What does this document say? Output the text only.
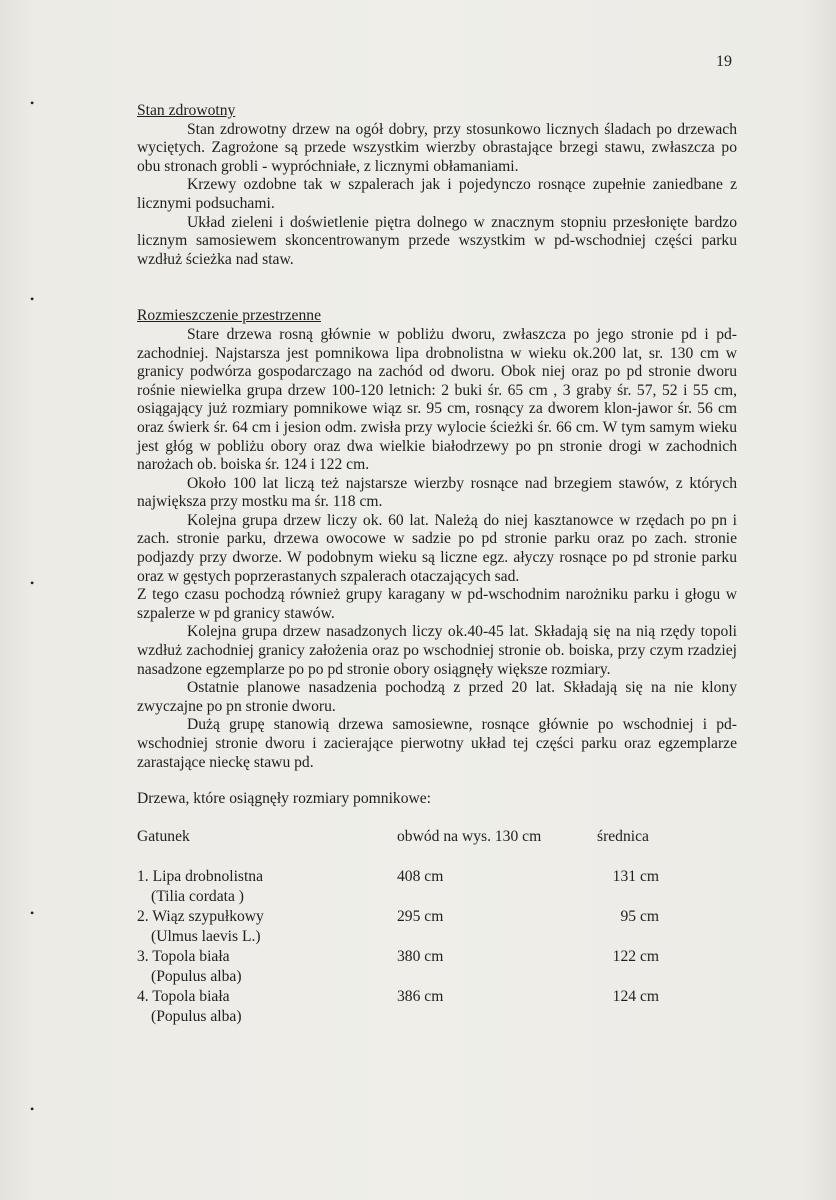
•
•
•
•
•
19
Stan zdrowotny

Stan zdrowotny drzew na ogół dobry, przy stosunkowo licznych śladach po drzewach wyciętych. Zagrożone są przede wszystkim wierzby obrastające brzegi stawu, zwłaszcza po obu stronach grobli - wypróchniałe, z licznymi obłamaniami.

Krzewy ozdobne tak w szpalerach jak i pojedynczo rosnące zupełnie zaniedbane z licznymi podsuchami.

Układ zieleni i doświetlenie piętra dolnego w znacznym stopniu przesłonięte bardzo licznym samosiewem skoncentrowanym przede wszystkim w pd-wschodniej części parku wzdłuż ścieżka nad staw.

Rozmieszczenie przestrzenne

Stare drzewa rosną głównie w pobliżu dworu, zwłaszcza po jego stronie pd i pd-zachodniej. Najstarsza jest pomnikowa lipa drobnolistna w wieku ok.200 lat, sr. 130 cm w granicy podwórza gospodarczago na zachód od dworu. Obok niej oraz po pd stronie dworu rośnie niewielka grupa drzew 100-120 letnich: 2 buki śr. 65 cm , 3 graby śr. 57, 52 i 55 cm, osiągający już rozmiary pomnikowe wiąz sr. 95 cm, rosnący za dworem klon-jawor śr. 56 cm oraz świerk śr. 64 cm i jesion odm. zwisła przy wylocie ścieżki śr. 66 cm. W tym samym wieku jest głóg w pobliżu obory oraz dwa wielkie białodrzewy po pn stronie drogi w zachodnich narożach ob. boiska śr. 124 i 122 cm.

Około 100 lat liczą też najstarsze wierzby rosnące nad brzegiem stawów, z których największa przy mostku ma śr. 118 cm.

Kolejna grupa drzew liczy ok. 60 lat. Należą do niej kasztanowce w rzędach po pn i zach. stronie parku, drzewa owocowe w sadzie po pd stronie parku oraz po zach. stronie podjazdy przy dworze. W podobnym wieku są liczne egz. ałyczy rosnące po pd stronie parku oraz w gęstych poprzerastanych szpalerach otaczających sad.

Z tego czasu pochodzą również grupy karagany w pd-wschodnim narożniku parku i głogu w szpalerze w pd granicy stawów.

Kolejna grupa drzew nasadzonych liczy ok.40-45 lat. Składają się na nią rzędy topoli wzdłuż zachodniej granicy założenia oraz po wschodniej stronie ob. boiska, przy czym rzadziej nasadzone egzemplarze po po pd stronie obory osiągnęły większe rozmiary.

Ostatnie planowe nasadzenia pochodzą z przed 20 lat. Składają się na nie klony zwyczajne po pn stronie dworu.

Dużą grupę stanowią drzewa samosiewne, rosnące głównie po wschodniej i pd-wschodniej stronie dworu i zacierające pierwotny układ tej części parku oraz egzemplarze zarastające nieckę stawu pd.

Drzewa, które osiągnęły rozmiary pomnikowe:
Gatunek	obwód na wys. 130 cm	średnica	

1. Lipa drobnolistna	408 cm	131 cm	
(Tilia cordata )			
2. Wiąz szypułkowy	295 cm	95 cm	
(Ulmus laevis L.)			
3. Topola biała	380 cm	122 cm	
(Populus alba)			
4. Topola biała	386 cm	124 cm	
(Populus alba)			
